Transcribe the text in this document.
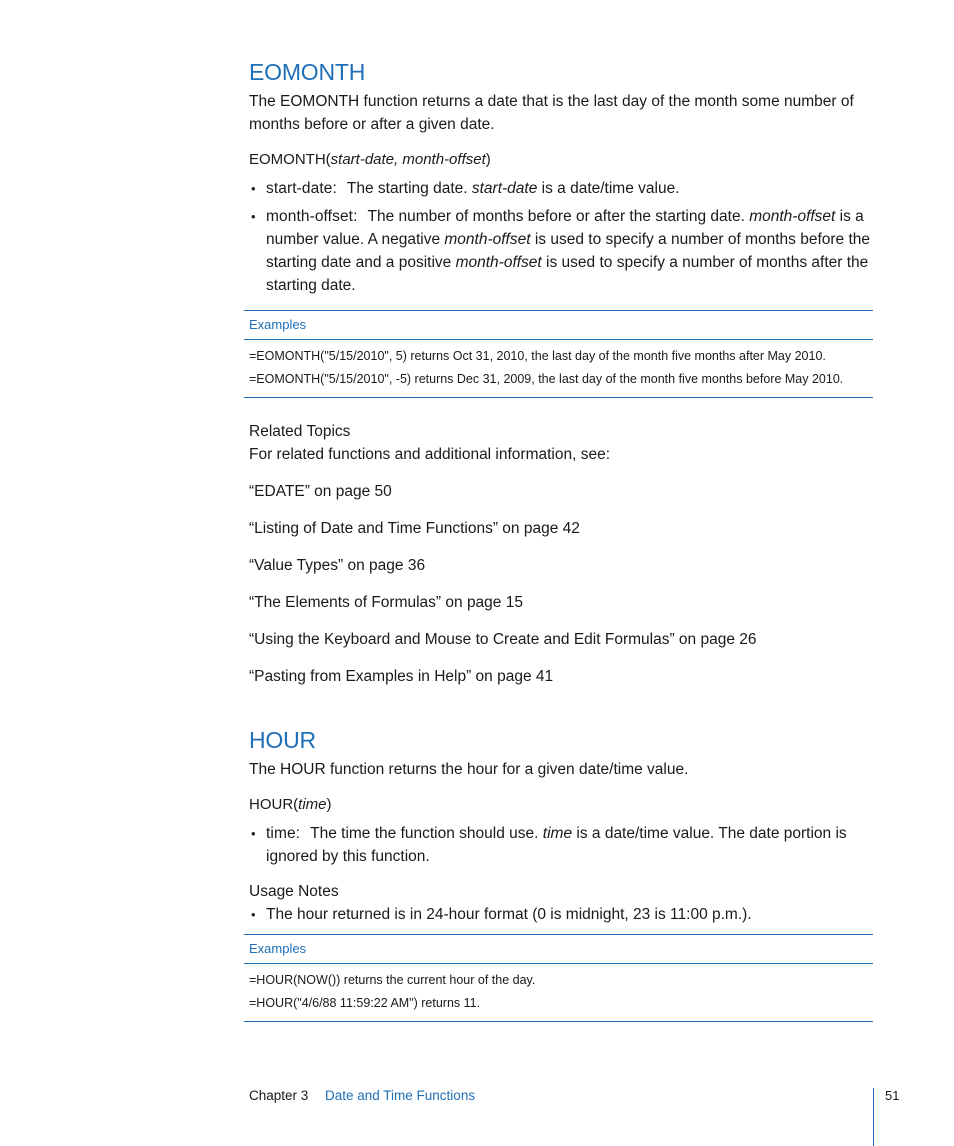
EOMONTH

The EOMONTH function returns a date that is the last day of the month some number of months before or after a given date.

EOMONTH(start-date, month-offset)

• start-date: The starting date. start-date is a date/time value.
• month-offset: The number of months before or after the starting date. month-offset is a number value. A negative month-offset is used to specify a number of months before the starting date and a positive month-offset is used to specify a number of months after the starting date.
Examples
=EOMONTH("5/15/2010", 5) returns Oct 31, 2010, the last day of the month five months after May 2010.
=EOMONTH("5/15/2010", -5) returns Dec 31, 2009, the last day of the month five months before May 2010.
Related Topics

For related functions and additional information, see:

“EDATE” on page 50

“Listing of Date and Time Functions” on page 42

“Value Types” on page 36

“The Elements of Formulas” on page 15

“Using the Keyboard and Mouse to Create and Edit Formulas” on page 26

“Pasting from Examples in Help” on page 41

HOUR

The HOUR function returns the hour for a given date/time value.

HOUR(time)

• time: The time the function should use. time is a date/time value. The date portion is ignored by this function.
Usage Notes
• The hour returned is in 24-hour format (0 is midnight, 23 is 11:00 p.m.).
Examples
=HOUR(NOW()) returns the current hour of the day.
=HOUR("4/6/88 11:59:22 AM") returns 11.
Chapter 3 Date and Time Functions	51
